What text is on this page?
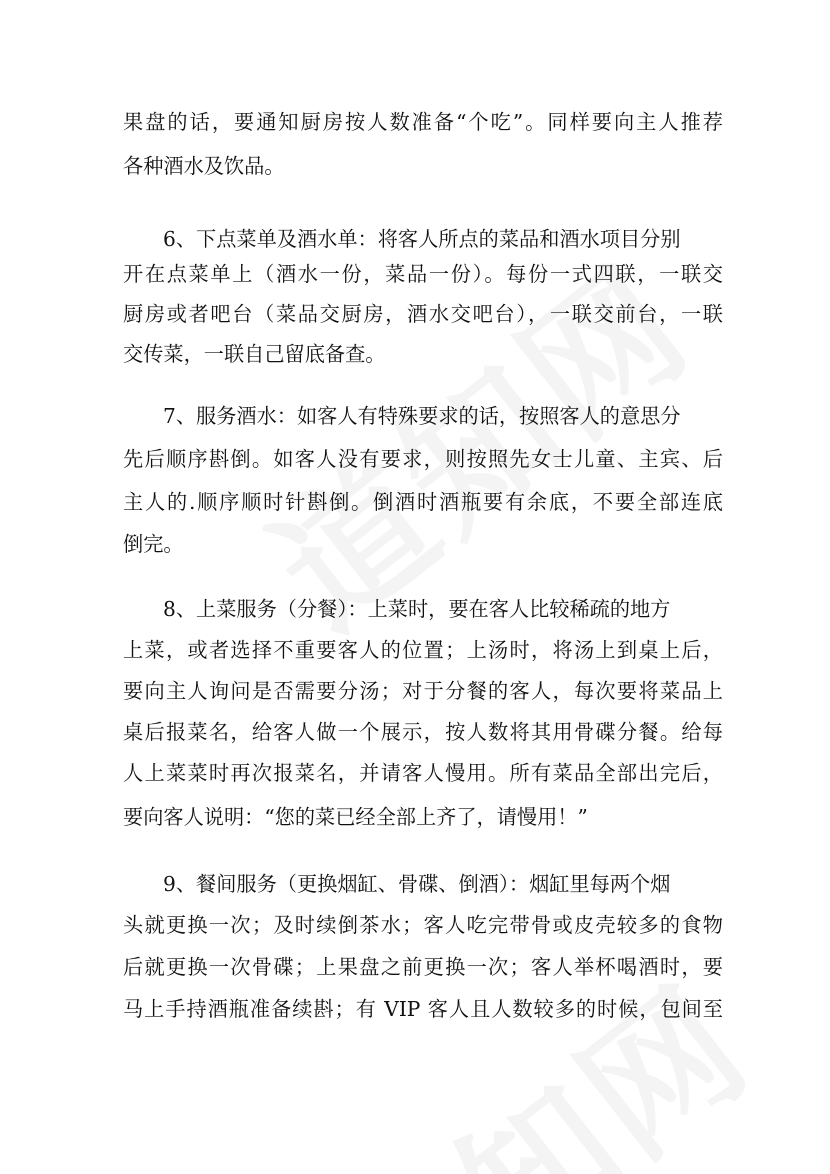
果盘的话，要通知厨房按人数准备“个吃”。同样要向主人推荐
各种酒水及饮品。
6、下点菜单及酒水单：将客人所点的菜品和酒水项目分别
开在点菜单上（酒水一份，菜品一份）。每份一式四联，一联交
厨房或者吧台（菜品交厨房，酒水交吧台），一联交前台，一联
交传菜，一联自己留底备查。
7、服务酒水：如客人有特殊要求的话，按照客人的意思分
先后顺序斟倒。如客人没有要求，则按照先女士儿童、主宾、后
主人的.顺序顺时针斟倒。倒酒时酒瓶要有余底，不要全部连底
倒完。
8、上菜服务（分餐）：上菜时，要在客人比较稀疏的地方
上菜，或者选择不重要客人的位置；上汤时，将汤上到桌上后，
要向主人询问是否需要分汤；对于分餐的客人，每次要将菜品上
桌后报菜名，给客人做一个展示，按人数将其用骨碟分餐。给每
人上菜菜时再次报菜名，并请客人慢用。所有菜品全部出完后，
要向客人说明：“您的菜已经全部上齐了，请慢用！”
9、餐间服务（更换烟缸、骨碟、倒酒）：烟缸里每两个烟
头就更换一次；及时续倒茶水；客人吃完带骨或皮壳较多的食物
后就更换一次骨碟；上果盘之前更换一次；客人举杯喝酒时，要
马上手持酒瓶准备续斟；有 VIP 客人且人数较多的时候，包间至
